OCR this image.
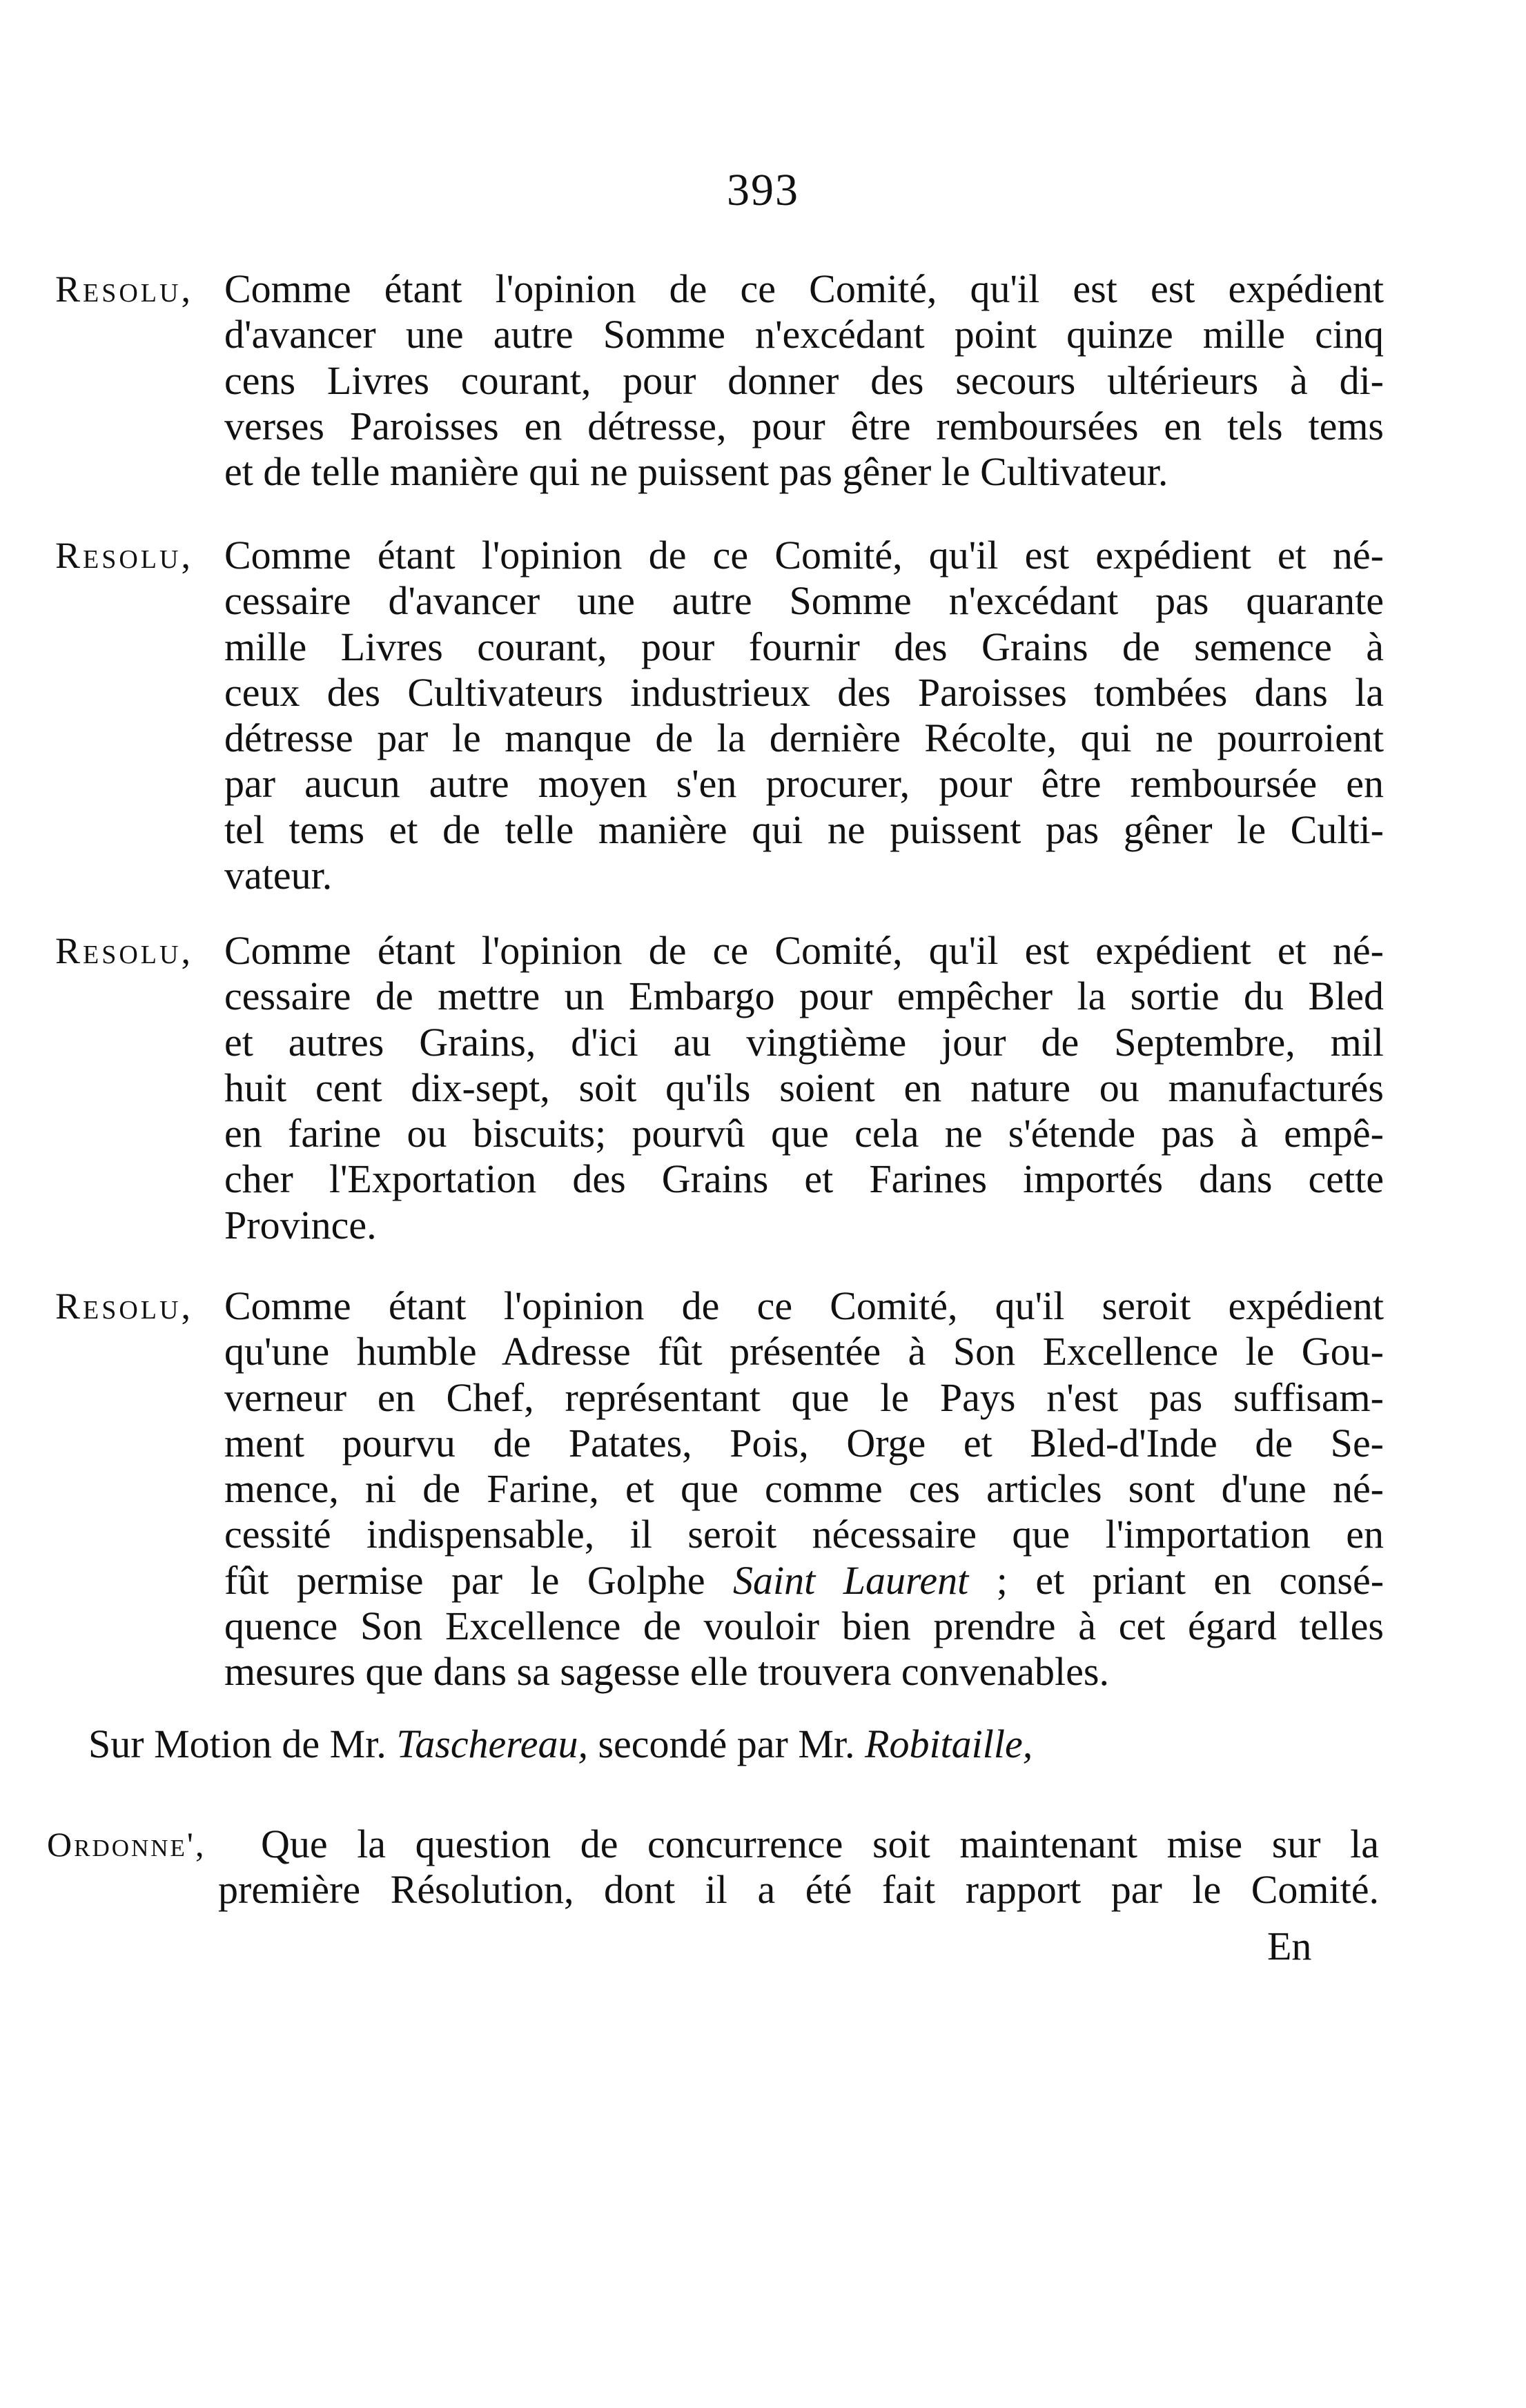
393
Resolu, Comme étant l'opinion de ce Comité, qu'il est est expédient
d'avancer une autre Somme n'excédant point quinze mille cinq
cens Livres courant, pour donner des secours ultérieurs à di-
verses Paroisses en détresse, pour être remboursées en tels tems
et de telle manière qui ne puissent pas gêner le Cultivateur.
Resolu, Comme étant l'opinion de ce Comité, qu'il est expédient et né-
cessaire d'avancer une autre Somme n'excédant pas quarante
mille Livres courant, pour fournir des Grains de semence à
ceux des Cultivateurs industrieux des Paroisses tombées dans la
détresse par le manque de la dernière Récolte, qui ne pourroient
par aucun autre moyen s'en procurer, pour être remboursée en
tel tems et de telle manière qui ne puissent pas gêner le Culti-
vateur.
Resolu, Comme étant l'opinion de ce Comité, qu'il est expédient et né-
cessaire de mettre un Embargo pour empêcher la sortie du Bled
et autres Grains, d'ici au vingtième jour de Septembre, mil
huit cent dix-sept, soit qu'ils soient en nature ou manufacturés
en farine ou biscuits; pourvû que cela ne s'étende pas à empê-
cher l'Exportation des Grains et Farines importés dans cette
Province.
Resolu, Comme étant l'opinion de ce Comité, qu'il seroit expédient
qu'une humble Adresse fût présentée à Son Excellence le Gou-
verneur en Chef, représentant que le Pays n'est pas suffisam-
ment pourvu de Patates, Pois, Orge et Bled-d'Inde de Se-
mence, ni de Farine, et que comme ces articles sont d'une né-
cessité indispensable, il seroit nécessaire que l'importation en
fût permise par le Golphe Saint Laurent ; et priant en consé-
quence Son Excellence de vouloir bien prendre à cet égard telles
mesures que dans sa sagesse elle trouvera convenables.
Sur Motion de Mr. Taschereau, secondé par Mr. Robitaille,
Ordonne', Que la question de concurrence soit maintenant mise sur la
première Résolution, dont il a été fait rapport par le Comité.
En
